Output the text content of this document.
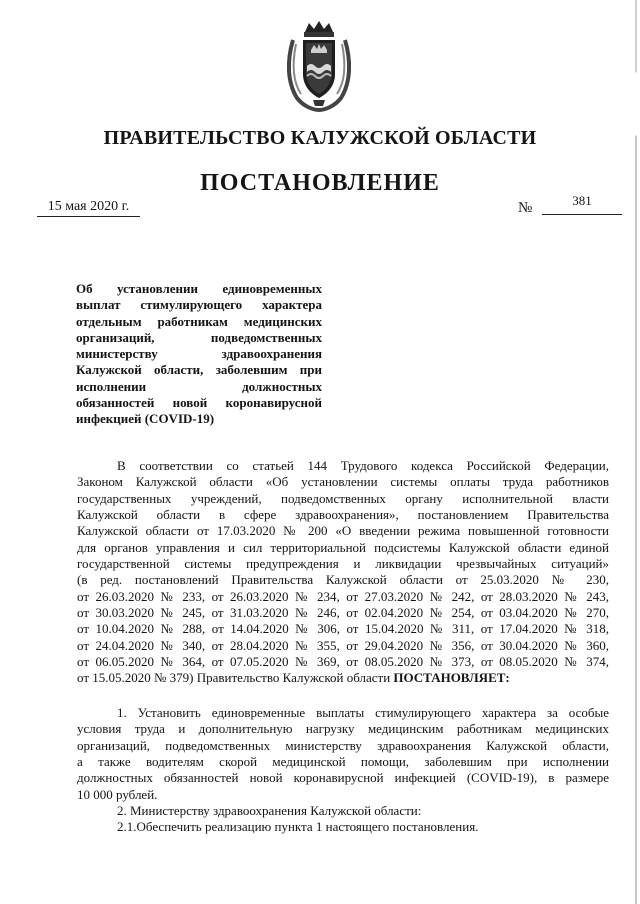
ПРАВИТЕЛЬСТВО КАЛУЖСКОЙ ОБЛАСТИ
ПОСТАНОВЛЕНИЕ
15 мая 2020 г.	№	381
Об установлении единовременных
выплат стимулирующего характера
отдельным работникам медицинских
организаций, подведомственных
министерству здравоохранения
Калужской области, заболевшим при
исполнении должностных
обязанностей новой коронавирусной
инфекцией (COVID-19)
В соответствии со статьей 144 Трудового кодекса Российской Федерации,
Законом Калужской области «Об установлении системы оплаты труда работников
государственных учреждений, подведомственных органу исполнительной власти
Калужской области в сфере здравоохранения», постановлением Правительства
Калужской области от 17.03.2020 № 200 «О введении режима повышенной готовности
для органов управления и сил территориальной подсистемы Калужской области единой
государственной системы предупреждения и ликвидации чрезвычайных ситуаций»
(в ред. постановлений Правительства Калужской области от 25.03.2020 № 230,
от 26.03.2020 № 233, от 26.03.2020 № 234, от 27.03.2020 № 242, от 28.03.2020 № 243,
от 30.03.2020 № 245, от 31.03.2020 № 246, от 02.04.2020 № 254, от 03.04.2020 № 270,
от 10.04.2020 № 288, от 14.04.2020 № 306, от 15.04.2020 № 311, от 17.04.2020 № 318,
от 24.04.2020 № 340, от 28.04.2020 № 355, от 29.04.2020 № 356, от 30.04.2020 № 360,
от 06.05.2020 № 364, от 07.05.2020 № 369, от 08.05.2020 № 373, от 08.05.2020 № 374,
от 15.05.2020 № 379) Правительство Калужской области ПОСТАНОВЛЯЕТ:
1. Установить единовременные выплаты стимулирующего характера за особые
условия труда и дополнительную нагрузку медицинским работникам медицинских
организаций, подведомственных министерству здравоохранения Калужской области,
а также водителям скорой медицинской помощи, заболевшим при исполнении
должностных обязанностей новой коронавирусной инфекцией (COVID-19), в размере
10 000 рублей.
2. Министерству здравоохранения Калужской области:
2.1.Обеспечить реализацию пункта 1 настоящего постановления.
